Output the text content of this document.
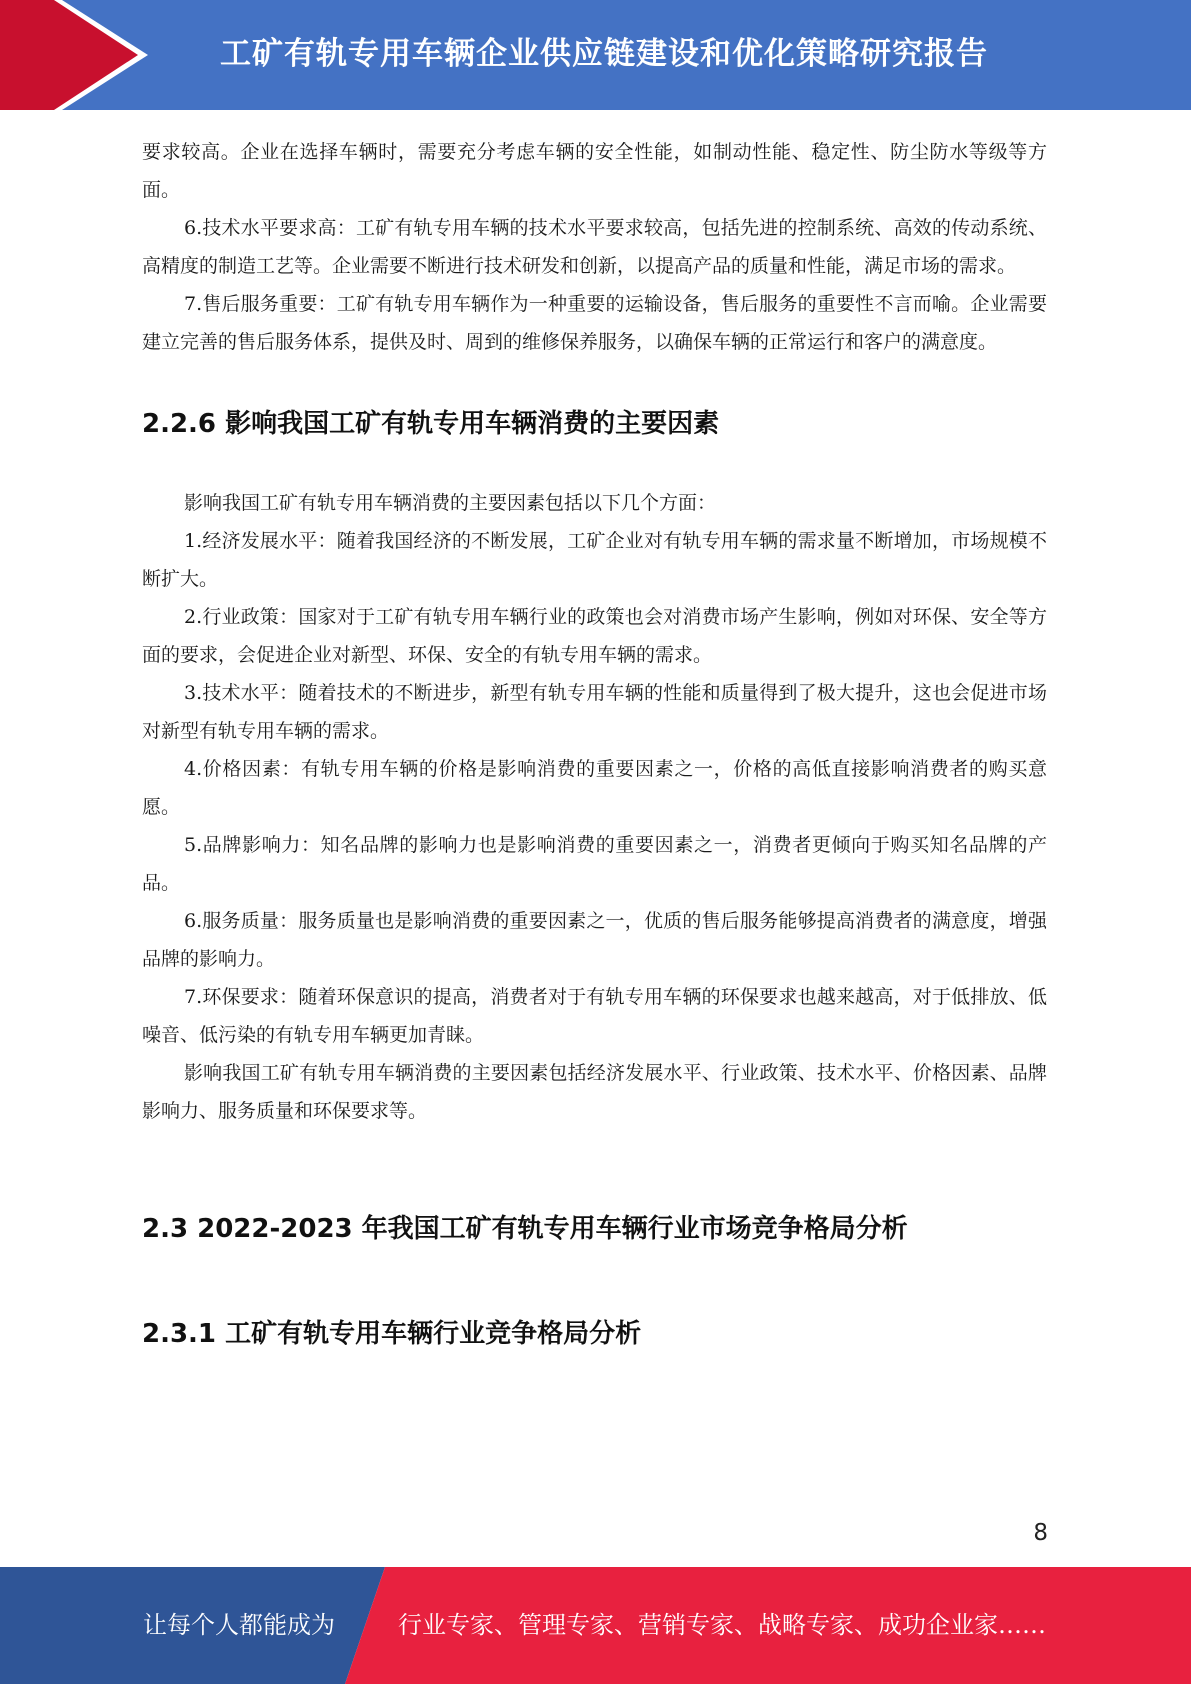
工矿有轨专用车辆企业供应链建设和优化策略研究报告

要求较高。企业在选择车辆时，需要充分考虑车辆的安全性能，如制动性能、稳定性、防尘防水等级等方面。

6.技术水平要求高：工矿有轨专用车辆的技术水平要求较高，包括先进的控制系统、高效的传动系统、高精度的制造工艺等。企业需要不断进行技术研发和创新，以提高产品的质量和性能，满足市场的需求。

7.售后服务重要：工矿有轨专用车辆作为一种重要的运输设备，售后服务的重要性不言而喻。企业需要建立完善的售后服务体系，提供及时、周到的维修保养服务，以确保车辆的正常运行和客户的满意度。

2.2.6 影响我国工矿有轨专用车辆消费的主要因素

影响我国工矿有轨专用车辆消费的主要因素包括以下几个方面：

1.经济发展水平：随着我国经济的不断发展，工矿企业对有轨专用车辆的需求量不断增加，市场规模不断扩大。

2.行业政策：国家对于工矿有轨专用车辆行业的政策也会对消费市场产生影响，例如对环保、安全等方面的要求，会促进企业对新型、环保、安全的有轨专用车辆的需求。

3.技术水平：随着技术的不断进步，新型有轨专用车辆的性能和质量得到了极大提升，这也会促进市场对新型有轨专用车辆的需求。

4.价格因素：有轨专用车辆的价格是影响消费的重要因素之一，价格的高低直接影响消费者的购买意愿。

5.品牌影响力：知名品牌的影响力也是影响消费的重要因素之一，消费者更倾向于购买知名品牌的产品。

6.服务质量：服务质量也是影响消费的重要因素之一，优质的售后服务能够提高消费者的满意度，增强品牌的影响力。

7.环保要求：随着环保意识的提高，消费者对于有轨专用车辆的环保要求也越来越高，对于低排放、低噪音、低污染的有轨专用车辆更加青睐。

影响我国工矿有轨专用车辆消费的主要因素包括经济发展水平、行业政策、技术水平、价格因素、品牌影响力、服务质量和环保要求等。

2.3 2022-2023 年我国工矿有轨专用车辆行业市场竞争格局分析
2.3.1 工矿有轨专用车辆行业竞争格局分析
8
让每个人都能成为	行业专家、管理专家、营销专家、战略专家、成功企业家……
